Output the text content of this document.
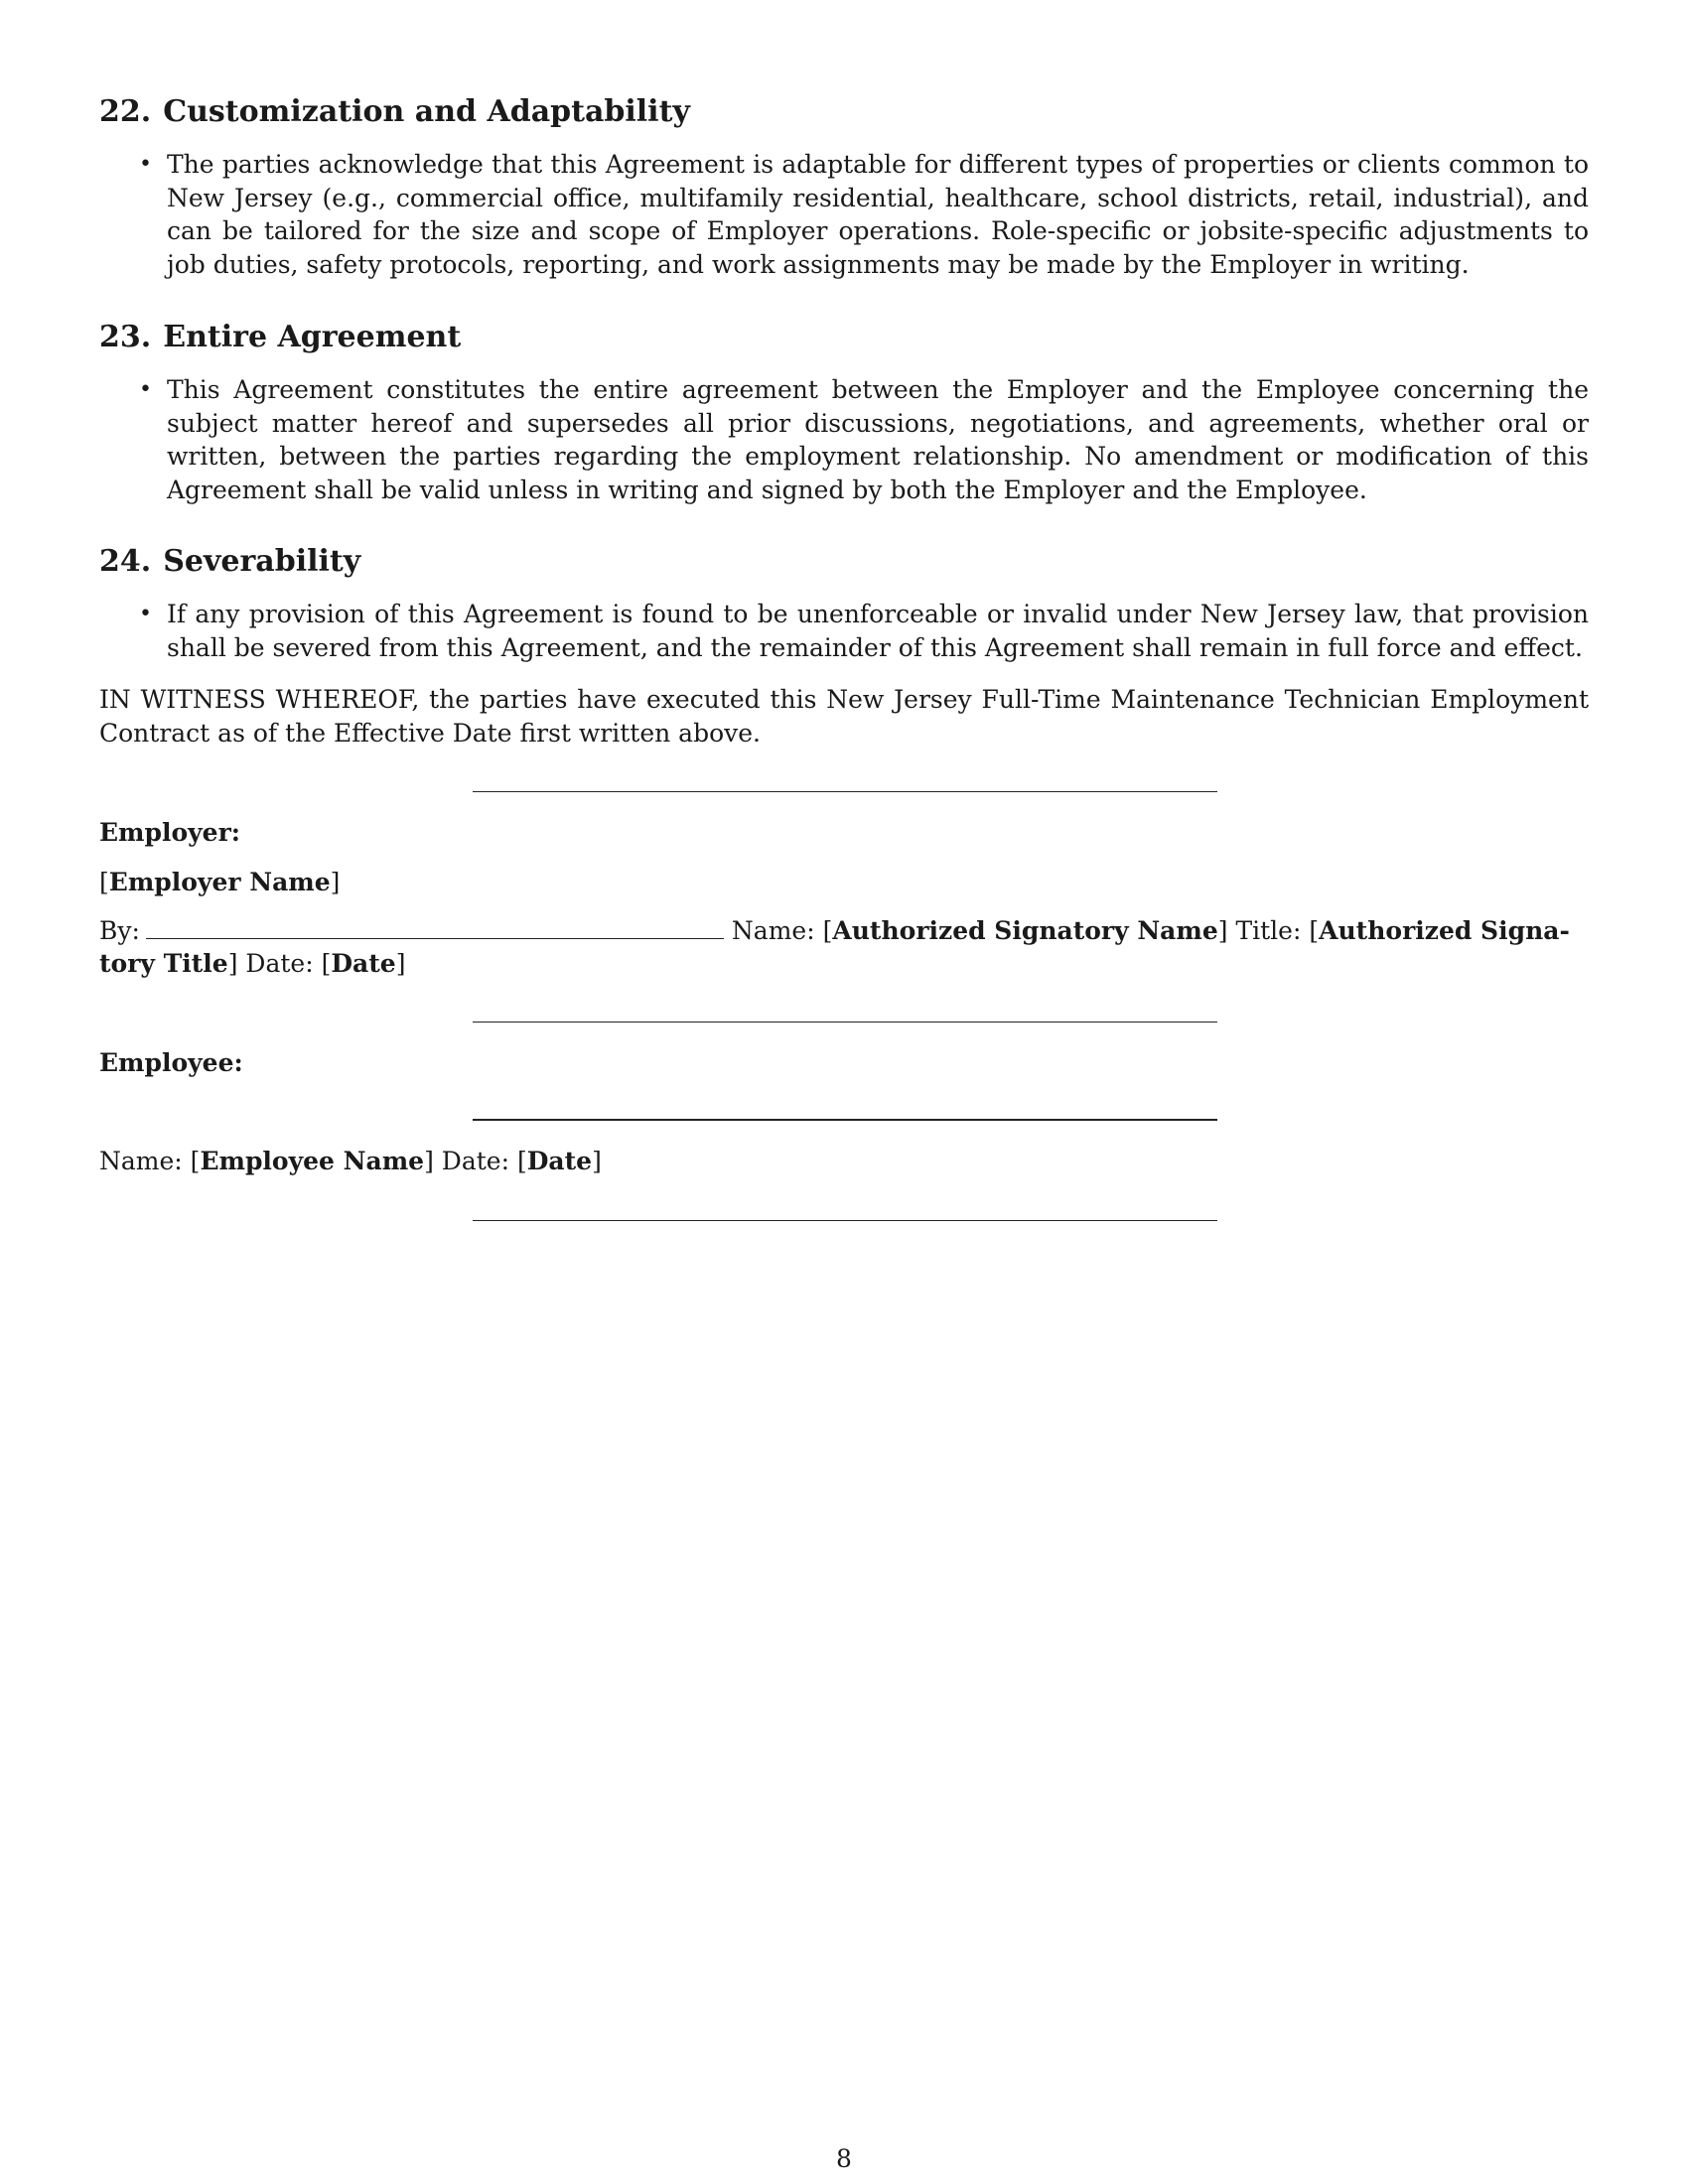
22. Customization and Adaptability
• The parties acknowledge that this Agreement is adaptable for different types of properties or clients common to New Jersey (e.g., commercial office, multifamily residential, healthcare, school districts, retail, industrial), and can be tailored for the size and scope of Employer operations. Role-specific or jobsite-specific adjustments to job duties, safety protocols, reporting, and work assignments may be made by the Employer in writing.
23. Entire Agreement
• This Agreement constitutes the entire agreement between the Employer and the Employee concerning the subject matter hereof and supersedes all prior discussions, negotiations, and agreements, whether oral or written, between the parties regarding the employment relationship. No amendment or modification of this Agreement shall be valid unless in writing and signed by both the Employer and the Employee.
24. Severability
• If any provision of this Agreement is found to be unenforceable or invalid under New Jersey law, that provision shall be severed from this Agreement, and the remainder of this Agreement shall remain in full force and effect.
IN WITNESS WHEREOF, the parties have executed this New Jersey Full-Time Maintenance Technician Employment Contract as of the Effective Date first written above.
Employer:
[Employer Name]
By:	Name: [Authorized Signatory Name] Title: [Authorized Signa-
tory Title] Date: [Date]
Employee:
Name: [Employee Name] Date: [Date]
8
